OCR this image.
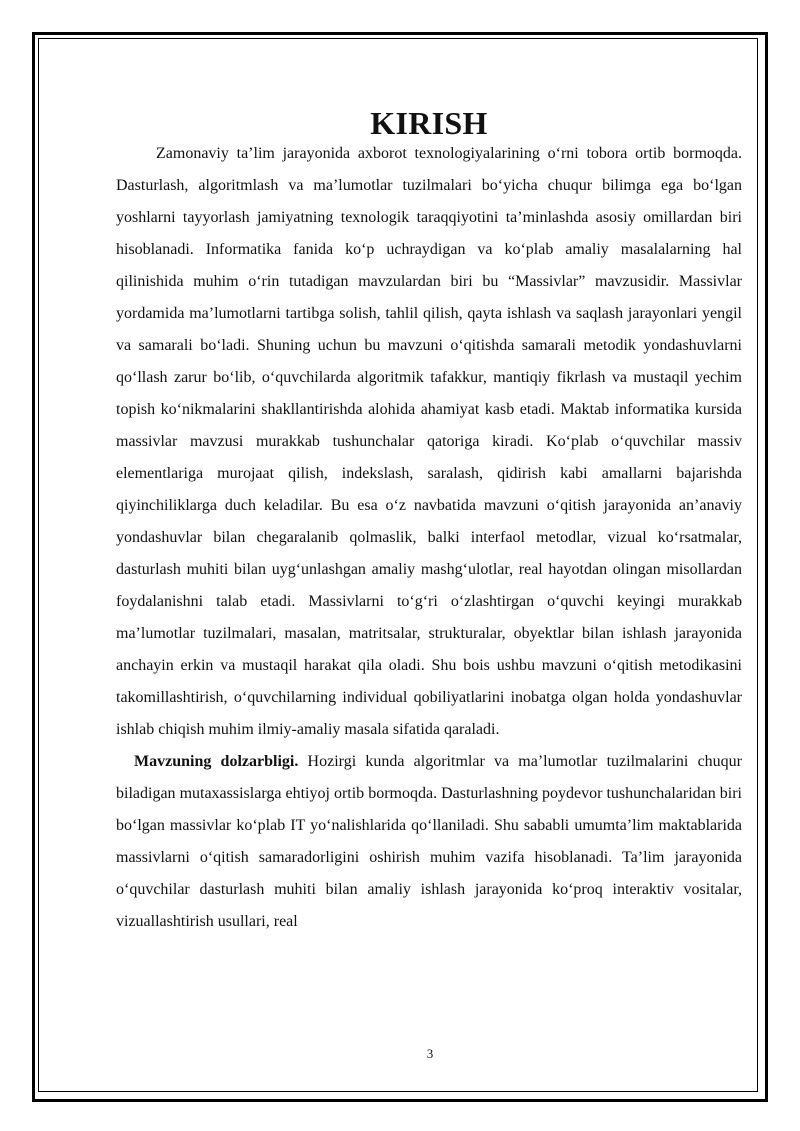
KIRISH

Zamonaviy ta’lim jarayonida axborot texnologiyalarining o‘rni tobora ortib bormoqda. Dasturlash, algoritmlash va ma’lumotlar tuzilmalari bo‘yicha chuqur bilimga ega bo‘lgan yoshlarni tayyorlash jamiyatning texnologik taraqqiyotini ta’minlashda asosiy omillardan biri hisoblanadi. Informatika fanida ko‘p uchraydigan va ko‘plab amaliy masalalarning hal qilinishida muhim o‘rin tutadigan mavzulardan biri bu “Massivlar” mavzusidir. Massivlar yordamida ma’lumotlarni tartibga solish, tahlil qilish, qayta ishlash va saqlash jarayonlari yengil va samarali bo‘ladi. Shuning uchun bu mavzuni o‘qitishda samarali metodik yondashuvlarni qo‘llash zarur bo‘lib, o‘quvchilarda algoritmik tafakkur, mantiqiy fikrlash va mustaqil yechim topish ko‘nikmalarini shakllantirishda alohida ahamiyat kasb etadi. Maktab informatika kursida massivlar mavzusi murakkab tushunchalar qatoriga kiradi. Ko‘plab o‘quvchilar massiv elementlariga murojaat qilish, indekslash, saralash, qidirish kabi amallarni bajarishda qiyinchiliklarga duch keladilar. Bu esa o‘z navbatida mavzuni o‘qitish jarayonida an’anaviy yondashuvlar bilan chegaralanib qolmaslik, balki interfaol metodlar, vizual ko‘rsatmalar, dasturlash muhiti bilan uyg‘unlashgan amaliy mashg‘ulotlar, real hayotdan olingan misollardan foydalanishni talab etadi. Massivlarni to‘g‘ri o‘zlashtirgan o‘quvchi keyingi murakkab ma’lumotlar tuzilmalari, masalan, matritsalar, strukturalar, obyektlar bilan ishlash jarayonida anchayin erkin va mustaqil harakat qila oladi. Shu bois ushbu mavzuni o‘qitish metodikasini takomillashtirish, o‘quvchilarning individual qobiliyatlarini inobatga olgan holda yondashuvlar ishlab chiqish muhim ilmiy-amaliy masala sifatida qaraladi.

Mavzuning dolzarbligi. Hozirgi kunda algoritmlar va ma’lumotlar tuzilmalarini chuqur biladigan mutaxassislarga ehtiyoj ortib bormoqda. Dasturlashning poydevor tushunchalaridan biri bo‘lgan massivlar ko‘plab IT yo‘nalishlarida qo‘llaniladi. Shu sababli umumta’lim maktablarida massivlarni o‘qitish samaradorligini oshirish muhim vazifa hisoblanadi. Ta’lim jarayonida o‘quvchilar dasturlash muhiti bilan amaliy ishlash jarayonida ko‘proq interaktiv vositalar, vizuallashtirish usullari, real

3
